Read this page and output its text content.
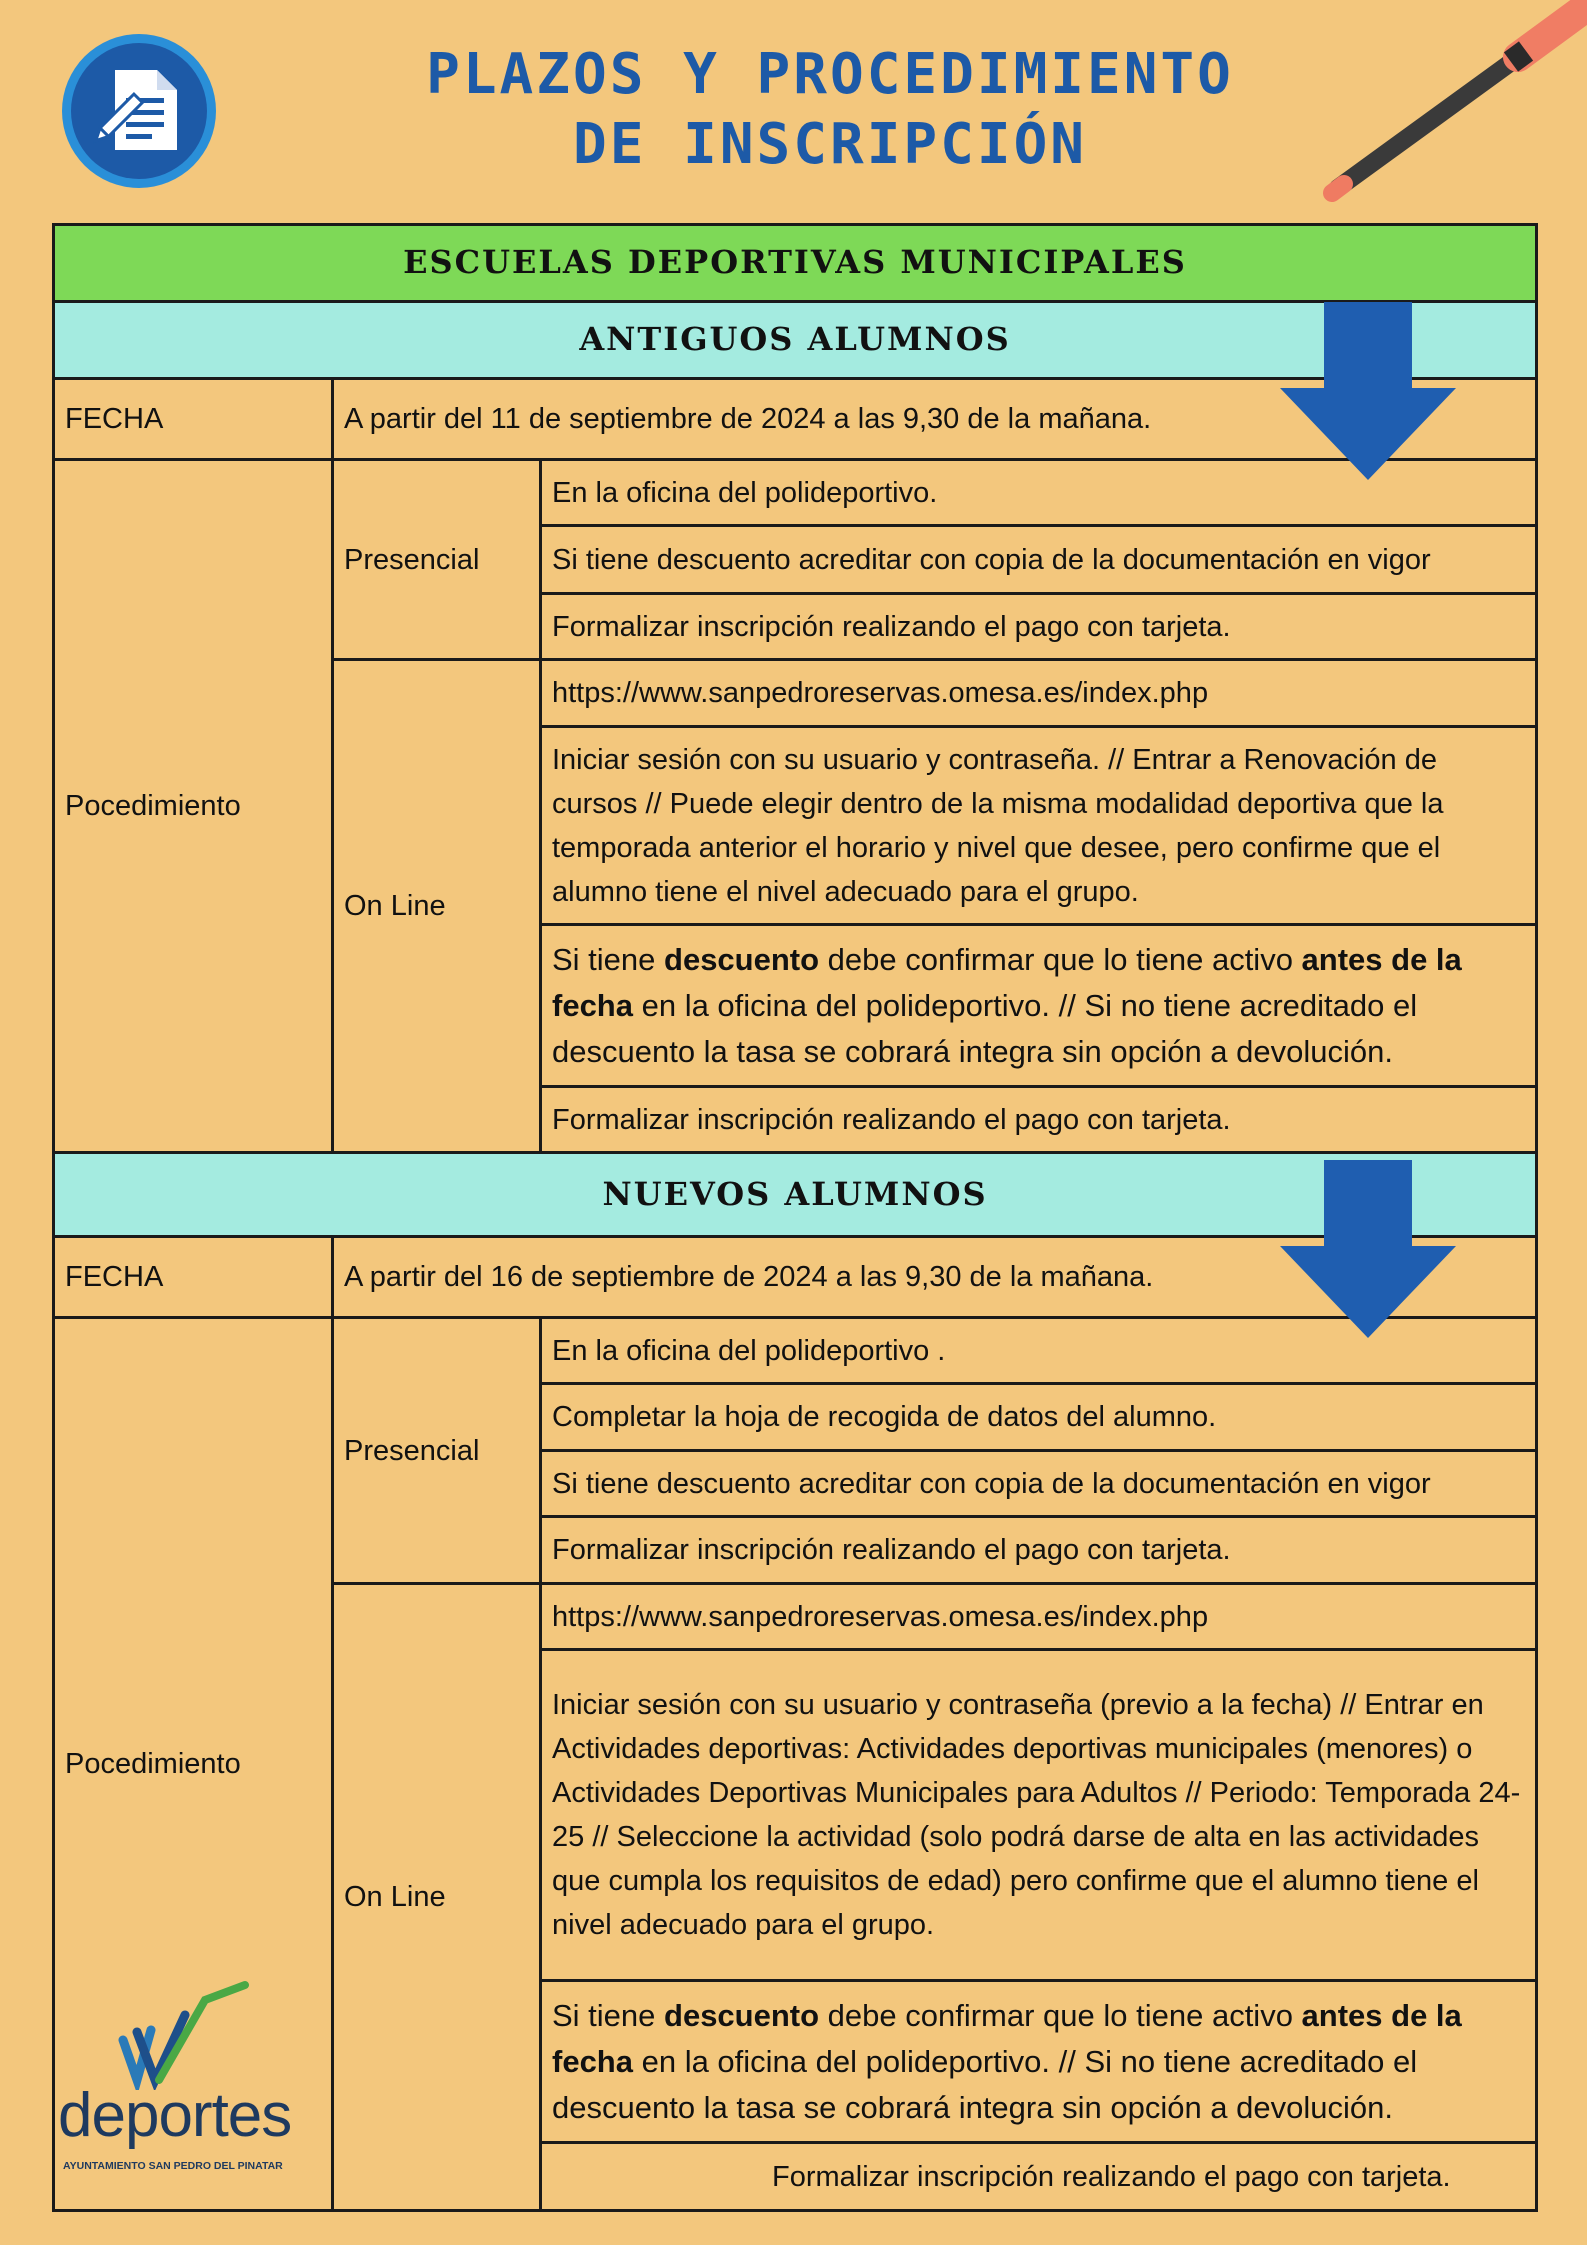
PLAZOS Y PROCEDIMIENTO
DE INSCRIPCIÓN
ESCUELAS DEPORTIVAS MUNICIPALES		
ANTIGUOS ALUMNOS		
FECHA	A partir del 11 de septiembre de 2024 a las 9,30 de la mañana.	
Pocedimiento	Presencial	En la oficina del polideportivo.
		Si tiene descuento acreditar con copia de la documentación en vigor
		Formalizar inscripción realizando el pago con tarjeta.
	On Line	https://www.sanpedroreservas.omesa.es/index.php
		Iniciar sesión con su usuario y contraseña. // Entrar a Renovación de cursos // Puede elegir dentro de la misma modalidad deportiva que la temporada anterior el horario y nivel que desee, pero confirme que el alumno tiene el nivel adecuado para el grupo.
		Si tiene descuento debe confirmar que lo tiene activo antes de la fecha en la oficina del polideportivo. // Si no tiene acreditado el descuento la tasa se cobrará integra sin opción a devolución.
		Formalizar inscripción realizando el pago con tarjeta.
NUEVOS ALUMNOS		
FECHA	A partir del 16 de septiembre de 2024 a las 9,30 de la mañana.	
Pocedimiento	Presencial	En la oficina del polideportivo .
		Completar la hoja de recogida de datos del alumno.
		Si tiene descuento acreditar con copia de la documentación en vigor
		Formalizar inscripción realizando el pago con tarjeta.
	On Line	https://www.sanpedroreservas.omesa.es/index.php
		Iniciar sesión con su usuario y contraseña (previo a la fecha) // Entrar en Actividades deportivas: Actividades deportivas municipales (menores) o Actividades Deportivas Municipales para Adultos // Periodo: Temporada 24-25 // Seleccione la actividad (solo podrá darse de alta en las actividades que cumpla los requisitos de edad) pero confirme que el alumno tiene el nivel adecuado para el grupo.
		Si tiene descuento debe confirmar que lo tiene activo antes de la fecha en la oficina del polideportivo. // Si no tiene acreditado el descuento la tasa se cobrará integra sin opción a devolución.
		Formalizar inscripción realizando el pago con tarjeta.
deportes
AYUNTAMIENTO SAN PEDRO DEL PINATAR
